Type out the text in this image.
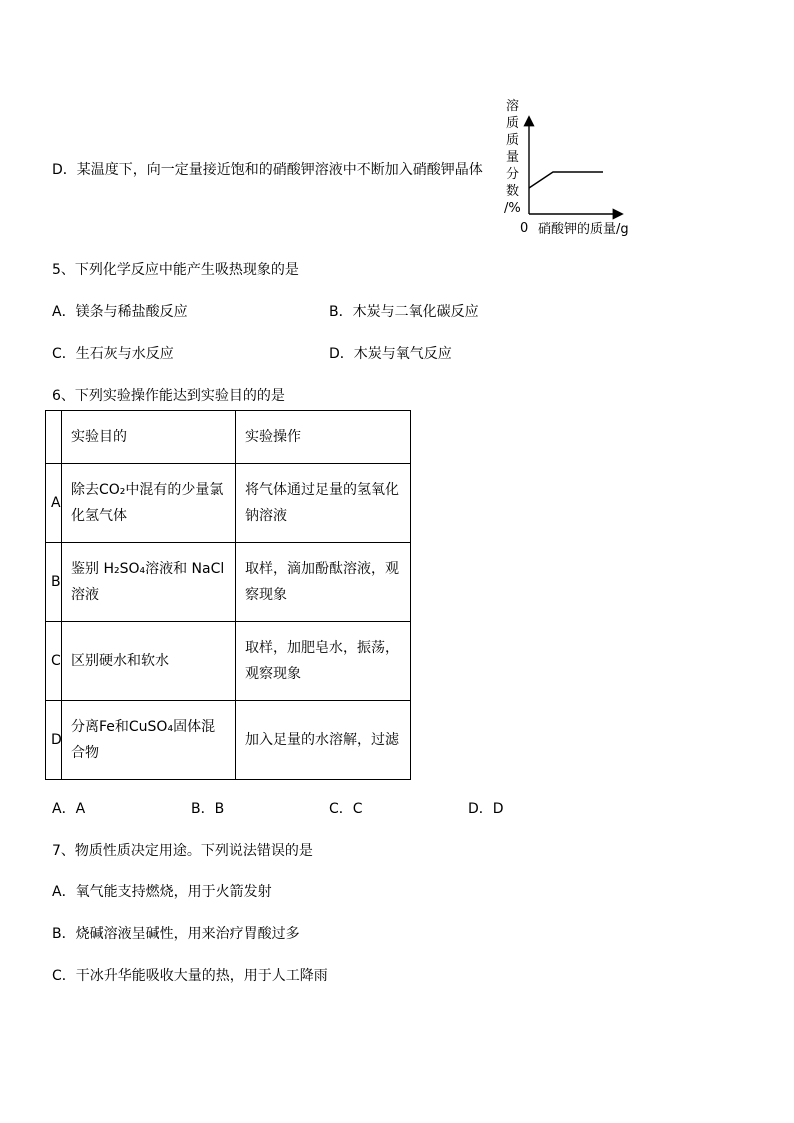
D．某温度下，向一定量接近饱和的硝酸钾溶液中不断加入硝酸钾晶体
溶
质
质
量
分
数
/%
0 硝酸钾的质量/g
5、下列化学反应中能产生吸热现象的是
A．镁条与稀盐酸反应	B．木炭与二氧化碳反应
C．生石灰与水反应	D．木炭与氧气反应
6、下列实验操作能达到实验目的的是
	实验目的	实验操作
A	除去CO₂中混有的少量氯化氢气体	将气体通过足量的氢氧化钠溶液
B	鉴别 H₂SO₄溶液和 NaCl溶液	取样，滴加酚酞溶液，观察现象
C	区别硬水和软水	取样，加肥皂水，振荡，观察现象
D	分离Fe和CuSO₄固体混合物	加入足量的水溶解，过滤
A．A	B．B	C．C	D．D
7、物质性质决定用途。下列说法错误的是
A．氧气能支持燃烧，用于火箭发射
B．烧碱溶液呈碱性，用来治疗胃酸过多
C．干冰升华能吸收大量的热，用于人工降雨
